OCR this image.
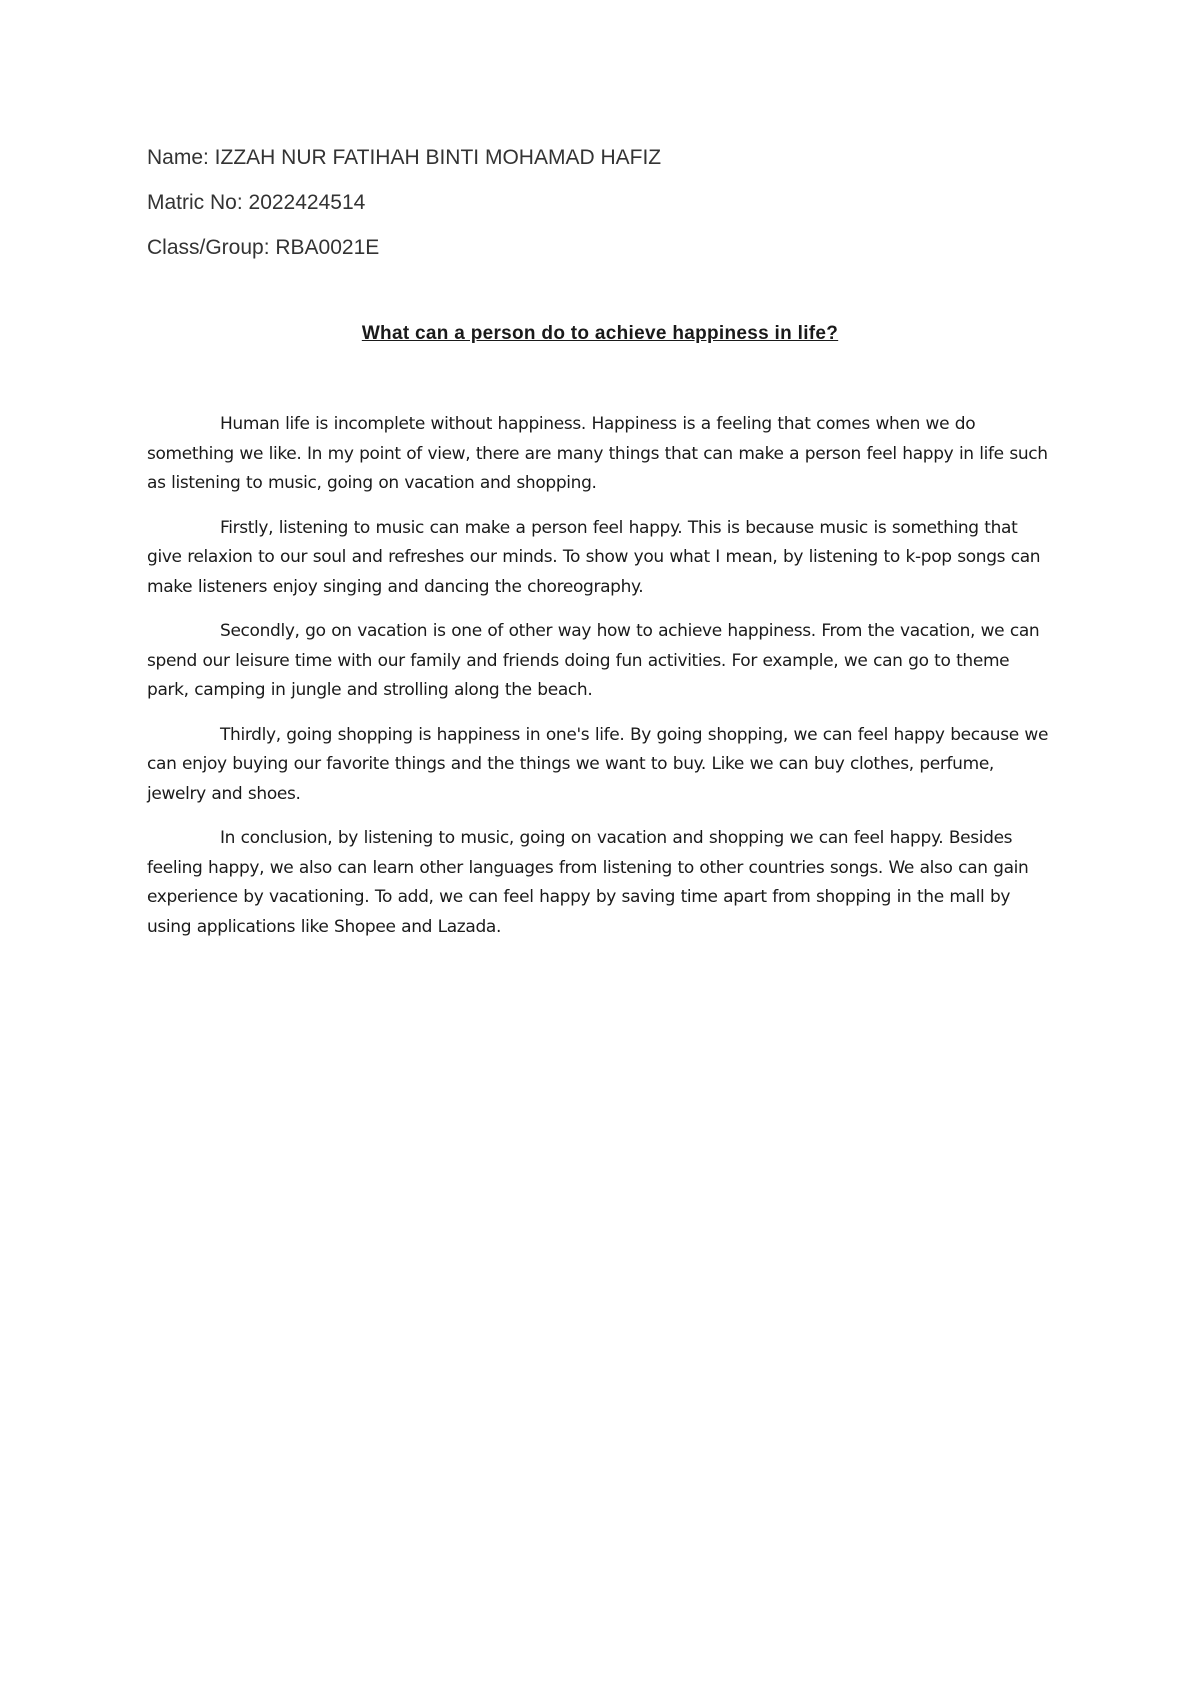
Name: IZZAH NUR FATIHAH BINTI MOHAMAD HAFIZ
Matric No: 2022424514
Class/Group: RBA0021E
What can a person do to achieve happiness in life?

Human life is incomplete without happiness. Happiness is a feeling that comes when we do something we like. In my point of view, there are many things that can make a person feel happy in life such as listening to music, going on vacation and shopping.

Firstly, listening to music can make a person feel happy. This is because music is something that give relaxion to our soul and refreshes our minds. To show you what I mean, by listening to k-pop songs can make listeners enjoy singing and dancing the choreography.

Secondly, go on vacation is one of other way how to achieve happiness. From the vacation, we can spend our leisure time with our family and friends doing fun activities. For example, we can go to theme park, camping in jungle and strolling along the beach.

Thirdly, going shopping is happiness in one's life. By going shopping, we can feel happy because we can enjoy buying our favorite things and the things we want to buy. Like we can buy clothes, perfume, jewelry and shoes.

In conclusion, by listening to music, going on vacation and shopping we can feel happy. Besides feeling happy, we also can learn other languages from listening to other countries songs. We also can gain experience by vacationing. To add, we can feel happy by saving time apart from shopping in the mall by using applications like Shopee and Lazada.
